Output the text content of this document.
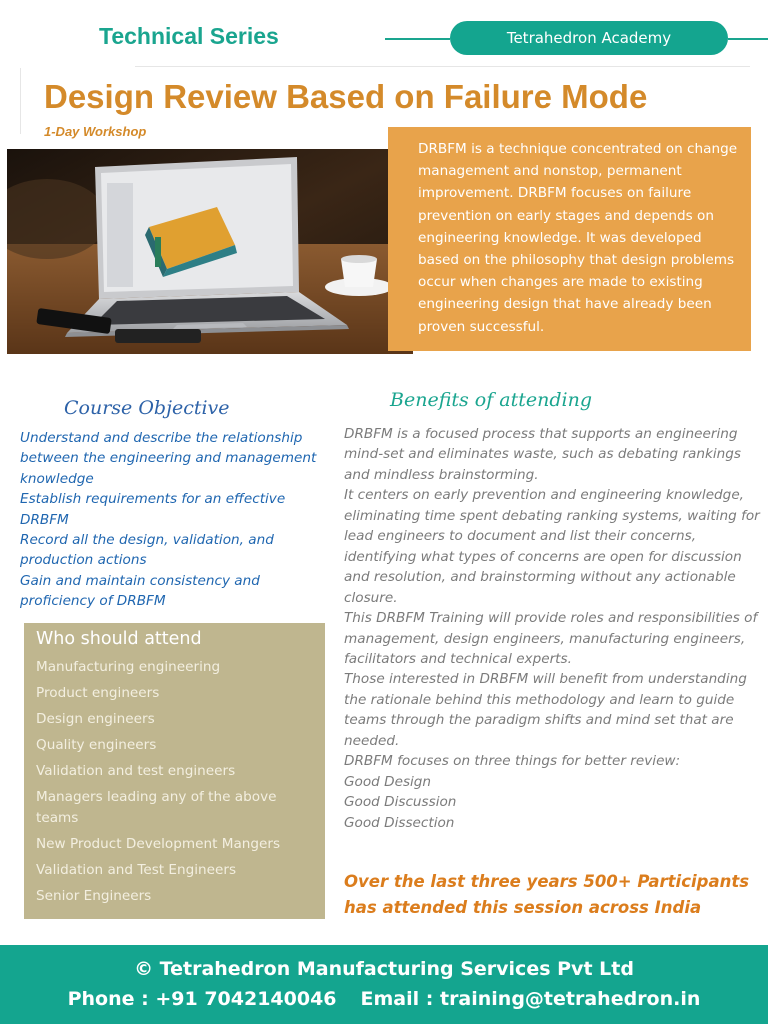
Technical Series	Tetrahedron Academy
Design Review Based on Failure Mode
1-Day Workshop
DRBFM is a technique concentrated on change management and nonstop, permanent improvement. DRBFM focuses on failure prevention on early stages and depends on engineering knowledge. It was developed based on the philosophy that design problems occur when changes are made to existing engineering design that have already been proven successful.
Course Objective
Understand and describe the relationship between the engineering and management knowledge
Establish requirements for an effective DRBFM
Record all the design, validation, and production actions
Gain and maintain consistency and proficiency of DRBFM
Who should attend
Manufacturing engineering
Product engineers
Design engineers
Quality engineers
Validation and test engineers
Managers leading any of the above teams
New Product Development Mangers
Validation and Test Engineers
Senior Engineers
Benefits of attending
DRBFM is a focused process that supports an engineering mind-set and eliminates waste, such as debating rankings and mindless brainstorming.
It centers on early prevention and engineering knowledge, eliminating time spent debating ranking systems, waiting for lead engineers to document and list their concerns, identifying what types of concerns are open for discussion and resolution, and brainstorming without any actionable closure.
This DRBFM Training will provide roles and responsibilities of management, design engineers, manufacturing engineers, facilitators and technical experts.
Those interested in DRBFM will benefit from understanding the rationale behind this methodology and learn to guide teams through the paradigm shifts and mind set that are needed.
DRBFM focuses on three things for better review:
Good Design
Good Discussion
Good Dissection
Over the last three years 500+ Participants has attended this session across India
© Tetrahedron Manufacturing Services Pvt Ltd
Phone : +91 7042140046 Email : training@tetrahedron.in
